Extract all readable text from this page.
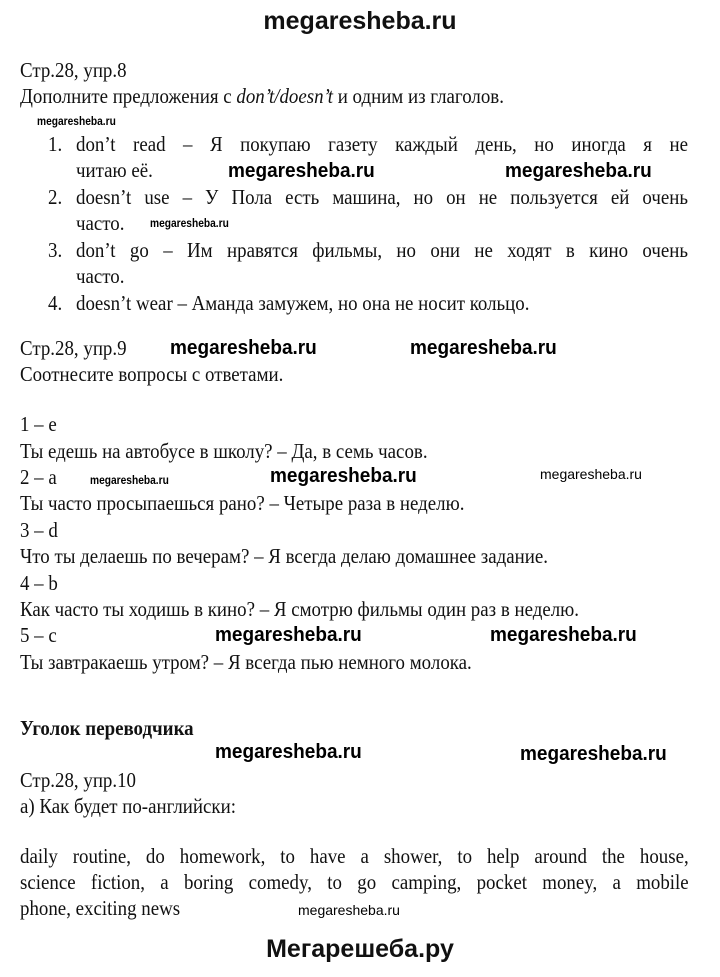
megaresheba.ru
Стр.28, упр.8
Дополните предложения с don’t/doesn’t и одним из глаголов.
megaresheba.ru
1. don’t read – Я покупаю газету каждый день, но иногда я не
читаю её.	megaresheba.ru	megaresheba.ru
2. doesn’t use – У Пола есть машина, но он не пользуется ей очень
часто. megaresheba.ru
3. don’t go – Им нравятся фильмы, но они не ходят в кино очень
часто.
4. doesn’t wear – Аманда замужем, но она не носит кольцо.
Стр.28, упр.9 megaresheba.ru	megaresheba.ru
Соотнесите вопросы с ответами.
1 – e
Ты едешь на автобусе в школу? – Да, в семь часов.
2 – a	megaresheba.ru	megaresheba.ru	megaresheba.ru
Ты часто просыпаешься рано? – Четыре раза в неделю.
3 – d
Что ты делаешь по вечерам? – Я всегда делаю домашнее задание.
4 – b
Как часто ты ходишь в кино? – Я смотрю фильмы один раз в неделю.
5 – c	megaresheba.ru	megaresheba.ru
Ты завтракаешь утром? – Я всегда пью немного молока.
Уголок переводчика
megaresheba.ru	megaresheba.ru
Стр.28, упр.10
а) Как будет по-английски:
daily routine, do homework, to have a shower, to help around the house,
science fiction, a boring comedy, to go camping, pocket money, a mobile
phone, exciting news	megaresheba.ru
Мегарешеба.ру
